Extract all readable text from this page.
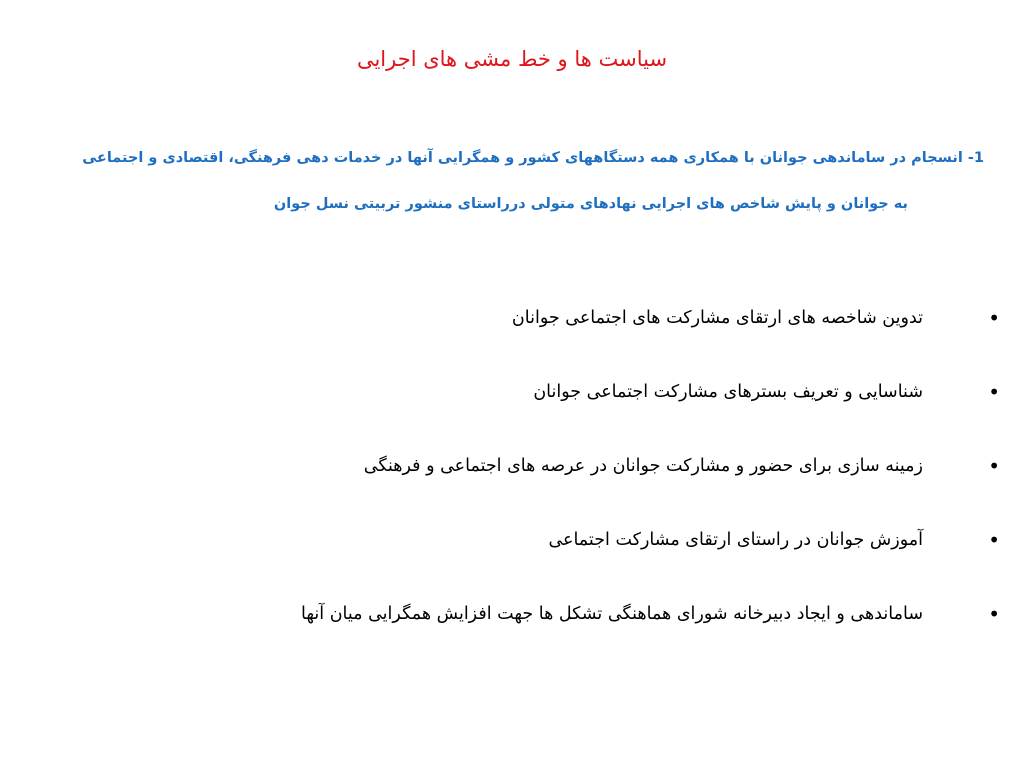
سیاست ها و خط مشی های اجرایی
1- انسجام در ساماندهی جوانان با همکاری همه دستگاههای کشور و همگرایی آنها در خدمات دهی فرهنگی، اقتصادی و اجتماعی
به جوانان و پایش شاخص های اجرایی نهادهای متولی درراستای منشور تربیتی نسل جوان
•
تدوین شاخصه های ارتقای مشارکت های اجتماعی جوانان
•
شناسایی و تعریف بسترهای مشارکت اجتماعی جوانان
•
زمینه سازی برای حضور و مشارکت جوانان در عرصه های اجتماعی و فرهنگی
•
آموزش جوانان در راستای ارتقای مشارکت اجتماعی
•
ساماندهی و ایجاد دبیرخانه شورای هماهنگی تشکل ها جهت افزایش همگرایی میان آنها
